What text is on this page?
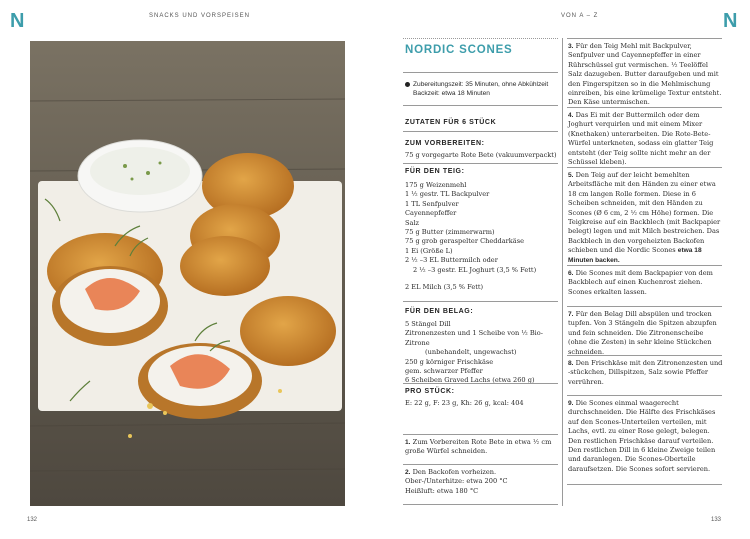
N	SNACKS UND VORSPEISEN	VON A – Z	N
132
NORDIC SCONES
Zubereitungszeit: 35 Minuten, ohne Abkühlzeit
Backzeit: etwa 18 Minuten
ZUTATEN FÜR 6 STÜCK
ZUM VORBEREITEN:
75 g vorgegarte Rote Bete (vakuumverpackt)
FÜR DEN TEIG:
175 g Weizenmehl
1 ½ gestr. TL Backpulver
1 TL Senfpulver
Cayennepfeffer
Salz
75 g Butter (zimmerwarm)
75 g grob geraspelter Cheddarkäse
1 Ei (Größe L)
2 ½ –3 EL Buttermilch oder
2 ½ –3 gestr. EL Joghurt (3,5 % Fett)
2 EL Milch (3,5 % Fett)
FÜR DEN BELAG:
5 Stängel Dill
Zitronenzesten und 1 Scheibe von ½ Bio-Zitrone
(unbehandelt, ungewachst)
250 g körniger Frischkäse
gem. schwarzer Pfeffer
6 Scheiben Graved Lachs (etwa 260 g)
PRO STÜCK:
E: 22 g, F: 23 g, Kh: 26 g, kcal: 404
1. Zum Vorbereiten Rote Bete in etwa ½ cm große Würfel schneiden.
2. Den Backofen vorheizen.
Ober-/Unterhitze: etwa 200 °C
Heißluft: etwa 180 °C
3. Für den Teig Mehl mit Backpulver, Senfpulver und Cayennepfeffer in einer Rührschüssel gut vermischen. ½ Teelöffel Salz dazugeben. Butter daraufgeben und mit den Fingerspitzen so in die Mehlmischung einreiben, bis eine krümelige Textur entsteht. Den Käse untermischen.
4. Das Ei mit der Buttermilch oder dem Joghurt verquirlen und mit einem Mixer (Knethaken) unterarbeiten. Die Rote-Bete-Würfel unterkneten, sodass ein glatter Teig entsteht (der Teig sollte nicht mehr an der Schüssel kleben).
5. Den Teig auf der leicht bemehlten Arbeitsfläche mit den Händen zu einer etwa 18 cm langen Rolle formen. Diese in 6 Scheiben schneiden, mit den Händen zu Scones (Ø 6 cm, 2 ½ cm Höhe) formen. Die Teigkreise auf ein Backblech (mit Backpapier belegt) legen und mit Milch bestreichen. Das Backblech in den vorgeheizten Backofen schieben und die Nordic Scones etwa 18 Minuten backen.
6. Die Scones mit dem Backpapier von dem Backblech auf einen Kuchenrost ziehen. Scones erkalten lassen.
7. Für den Belag Dill abspülen und trocken tupfen. Von 3 Stängeln die Spitzen abzupfen und fein schneiden. Die Zitronenscheibe (ohne die Zesten) in sehr kleine Stückchen schneiden.
8. Den Frischkäse mit den Zitronenzesten und -stückchen, Dillspitzen, Salz sowie Pfeffer verrühren.
9. Die Scones einmal waagerecht durchschneiden. Die Hälfte des Frischkäses auf den Scones-Unterteilen verteilen, mit Lachs, evtl. zu einer Rose gelegt, belegen. Den restlichen Frischkäse darauf verteilen. Den restlichen Dill in 6 kleine Zweige teilen und daranlegen. Die Scones-Oberteile daraufsetzen. Die Scones sofort servieren.
133
